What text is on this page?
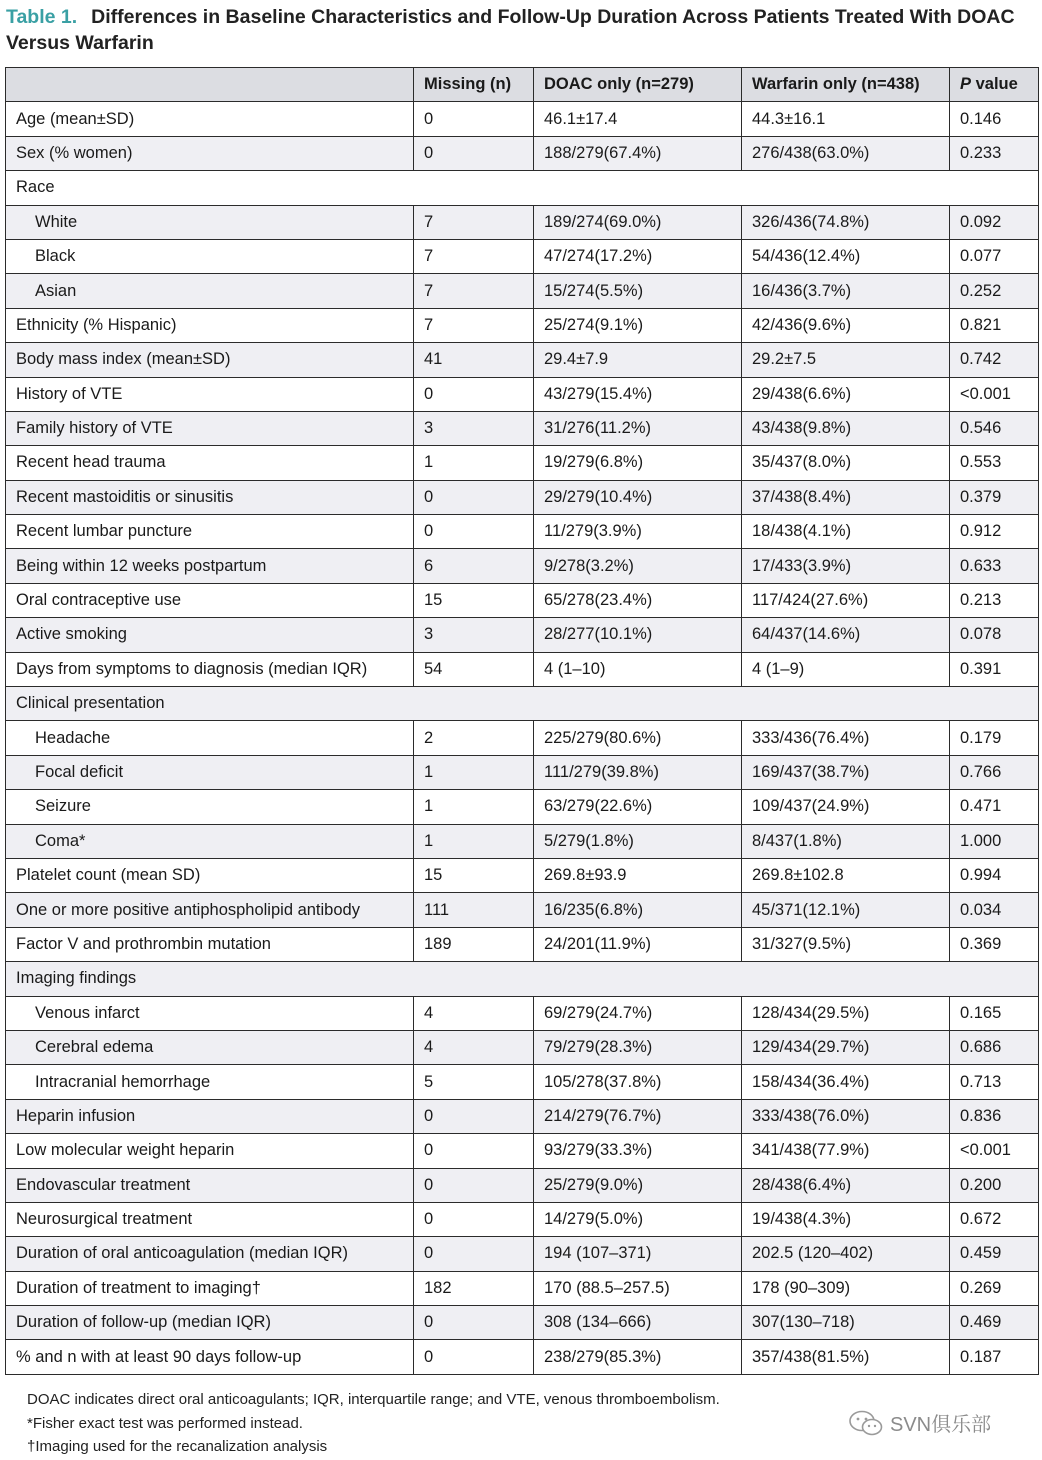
Table 1. Differences in Baseline Characteristics and Follow-Up Duration Across Patients Treated With DOAC Versus Warfarin
	Missing (n)	DOAC only (n=279)	Warfarin only (n=438)	P value
Age (mean±SD)	0	46.1±17.4	44.3±16.1	0.146
Sex (% women)	0	188/279(67.4%)	276/438(63.0%)	0.233
Race				
White	7	189/274(69.0%)	326/436(74.8%)	0.092
Black	7	47/274(17.2%)	54/436(12.4%)	0.077
Asian	7	15/274(5.5%)	16/436(3.7%)	0.252
Ethnicity (% Hispanic)	7	25/274(9.1%)	42/436(9.6%)	0.821
Body mass index (mean±SD)	41	29.4±7.9	29.2±7.5	0.742
History of VTE	0	43/279(15.4%)	29/438(6.6%)	<0.001
Family history of VTE	3	31/276(11.2%)	43/438(9.8%)	0.546
Recent head trauma	1	19/279(6.8%)	35/437(8.0%)	0.553
Recent mastoiditis or sinusitis	0	29/279(10.4%)	37/438(8.4%)	0.379
Recent lumbar puncture	0	11/279(3.9%)	18/438(4.1%)	0.912
Being within 12 weeks postpartum	6	9/278(3.2%)	17/433(3.9%)	0.633
Oral contraceptive use	15	65/278(23.4%)	117/424(27.6%)	0.213
Active smoking	3	28/277(10.1%)	64/437(14.6%)	0.078
Days from symptoms to diagnosis (median IQR)	54	4 (1–10)	4 (1–9)	0.391
Clinical presentation				
Headache	2	225/279(80.6%)	333/436(76.4%)	0.179
Focal deficit	1	111/279(39.8%)	169/437(38.7%)	0.766
Seizure	1	63/279(22.6%)	109/437(24.9%)	0.471
Coma*	1	5/279(1.8%)	8/437(1.8%)	1.000
Platelet count (mean SD)	15	269.8±93.9	269.8±102.8	0.994
One or more positive antiphospholipid antibody	111	16/235(6.8%)	45/371(12.1%)	0.034
Factor V and prothrombin mutation	189	24/201(11.9%)	31/327(9.5%)	0.369
Imaging findings				
Venous infarct	4	69/279(24.7%)	128/434(29.5%)	0.165
Cerebral edema	4	79/279(28.3%)	129/434(29.7%)	0.686
Intracranial hemorrhage	5	105/278(37.8%)	158/434(36.4%)	0.713
Heparin infusion	0	214/279(76.7%)	333/438(76.0%)	0.836
Low molecular weight heparin	0	93/279(33.3%)	341/438(77.9%)	<0.001
Endovascular treatment	0	25/279(9.0%)	28/438(6.4%)	0.200
Neurosurgical treatment	0	14/279(5.0%)	19/438(4.3%)	0.672
Duration of oral anticoagulation (median IQR)	0	194 (107–371)	202.5 (120–402)	0.459
Duration of treatment to imaging†	182	170 (88.5–257.5)	178 (90–309)	0.269
Duration of follow-up (median IQR)	0	308 (134–666)	307(130–718)	0.469
% and n with at least 90 days follow-up	0	238/279(85.3%)	357/438(81.5%)	0.187
DOAC indicates direct oral anticoagulants; IQR, interquartile range; and VTE, venous thromboembolism.
*Fisher exact test was performed instead.
†Imaging used for the recanalization analysis
SVN俱乐部
